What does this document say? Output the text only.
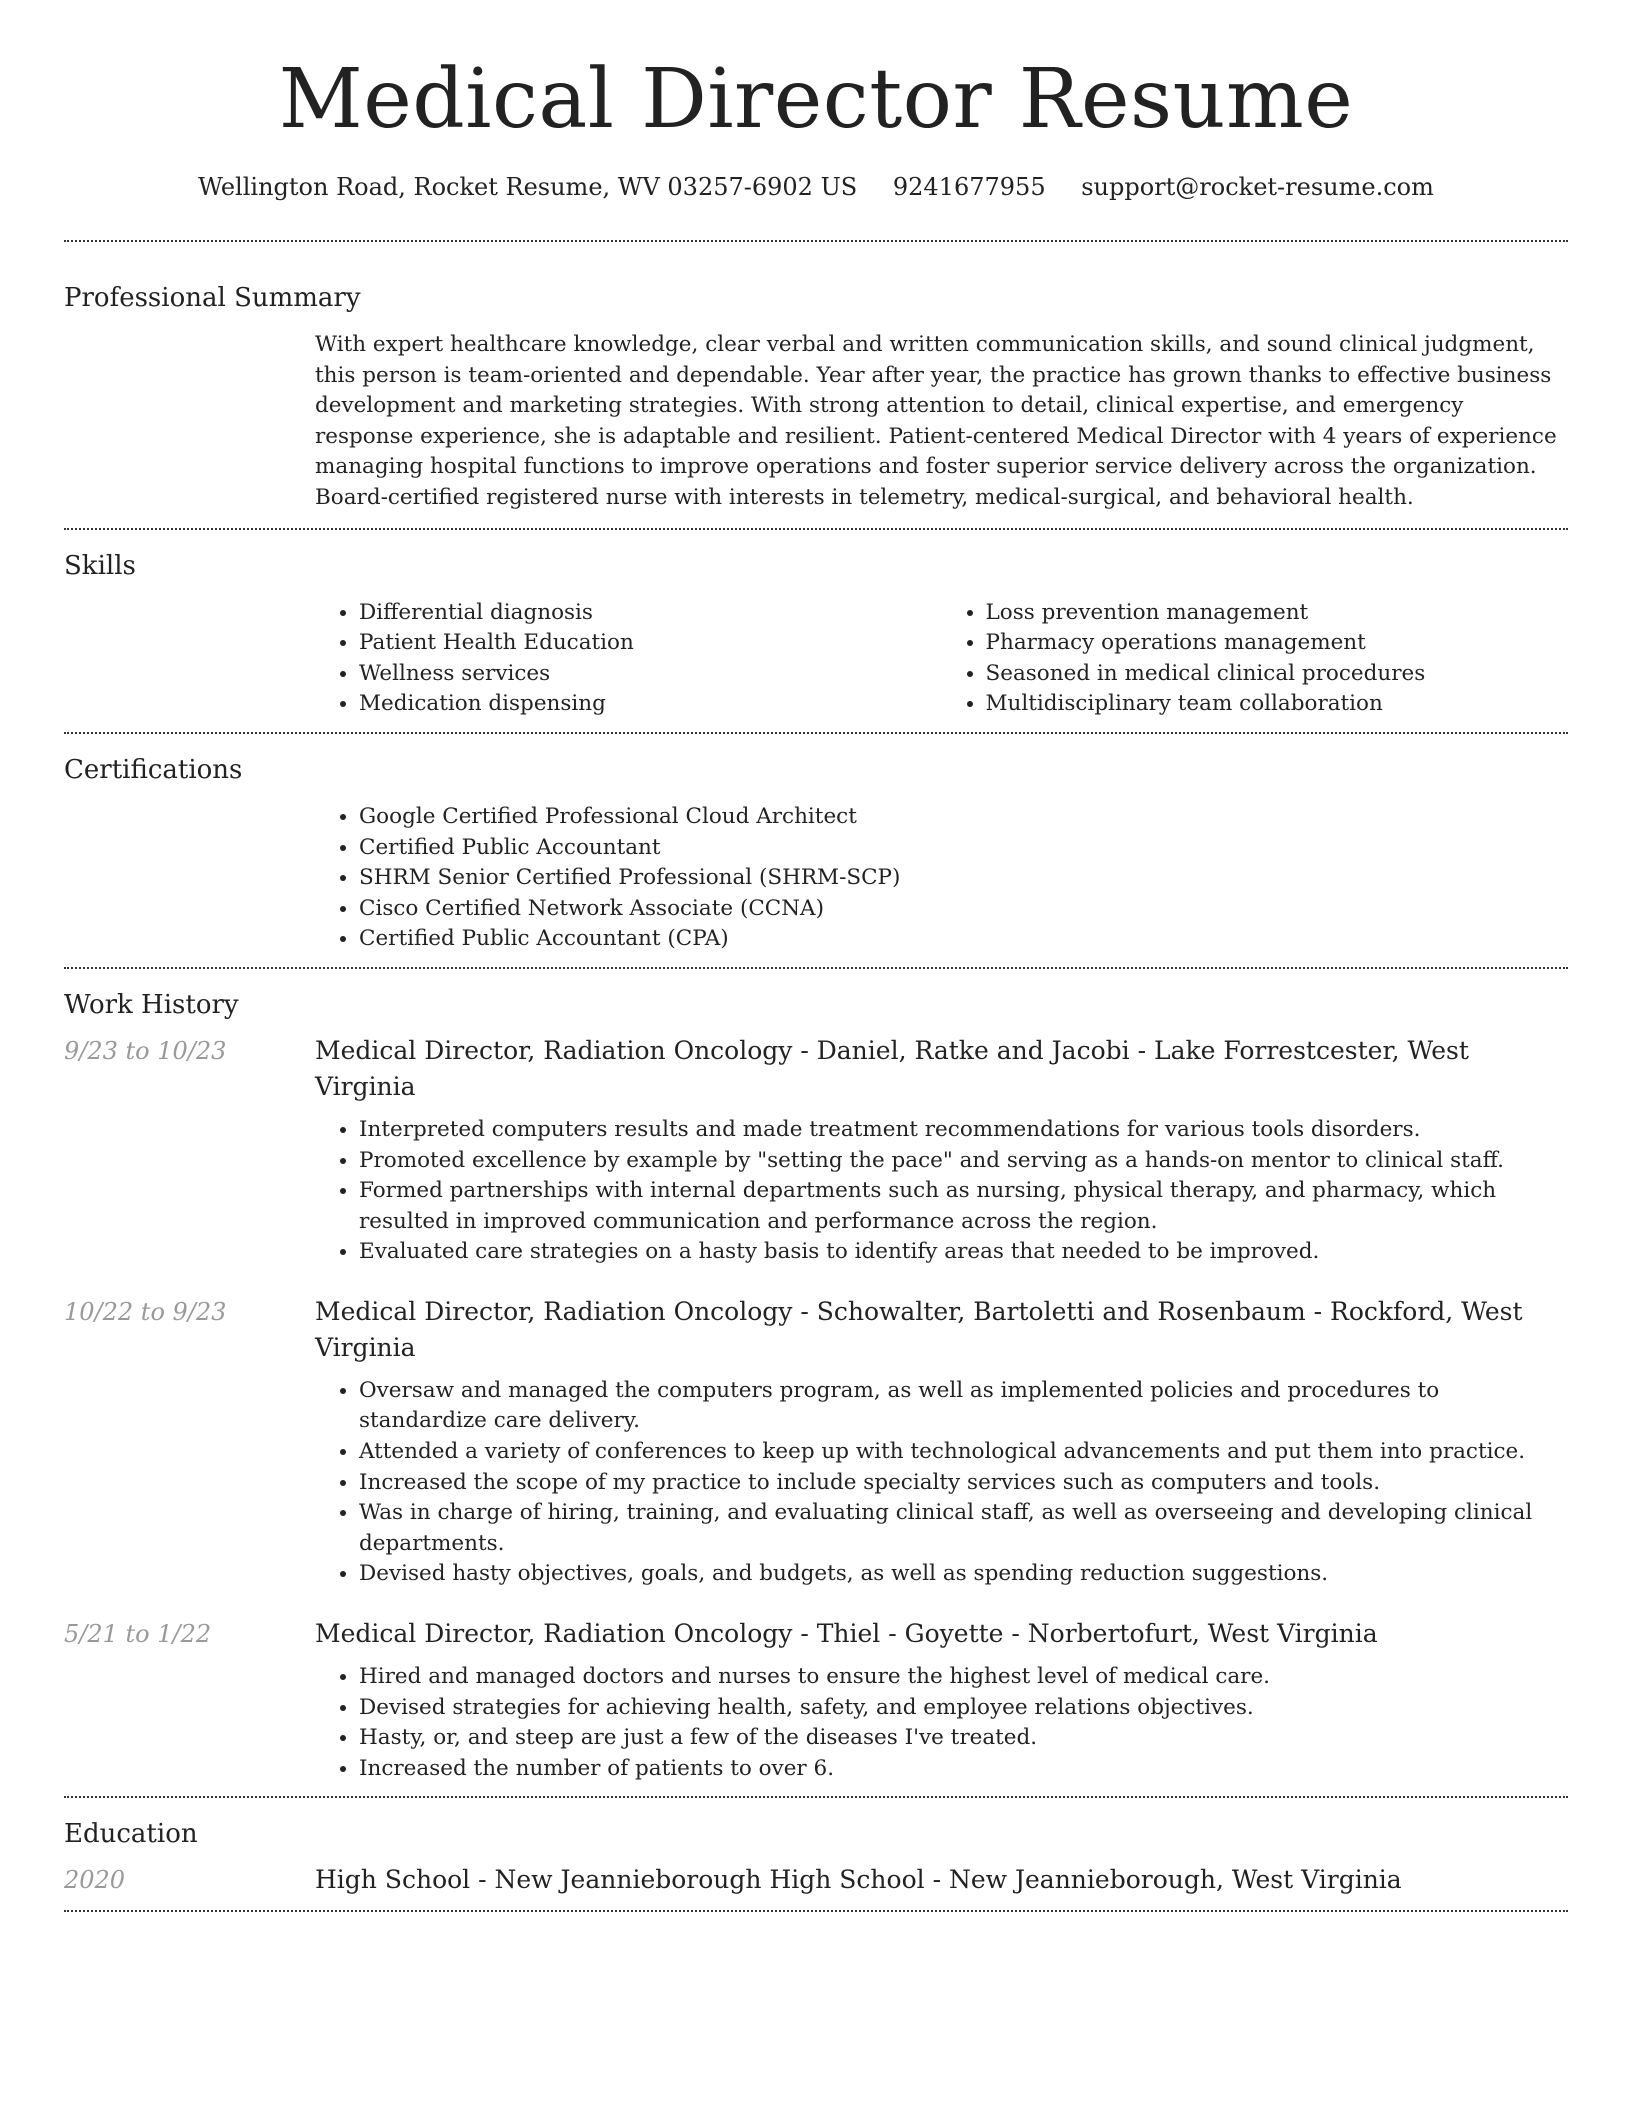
Medical Director Resume
Wellington Road, Rocket Resume, WV 03257-6902 US 9241677955 support@rocket-resume.com
Professional Summary
With expert healthcare knowledge, clear verbal and written communication skills, and sound clinical judgment, this person is team-oriented and dependable. Year after year, the practice has grown thanks to effective business development and marketing strategies. With strong attention to detail, clinical expertise, and emergency response experience, she is adaptable and resilient. Patient-centered Medical Director with 4 years of experience managing hospital functions to improve operations and foster superior service delivery across the organization. Board-certified registered nurse with interests in telemetry, medical-surgical, and behavioral health.
Skills
• Differential diagnosis
• Patient Health Education
• Wellness services
• Medication dispensing
• Loss prevention management
• Pharmacy operations management
• Seasoned in medical clinical procedures
• Multidisciplinary team collaboration
Certifications
• Google Certified Professional Cloud Architect
• Certified Public Accountant
• SHRM Senior Certified Professional (SHRM-SCP)
• Cisco Certified Network Associate (CCNA)
• Certified Public Accountant (CPA)
Work History
9/23 to 10/23	Medical Director, Radiation Oncology - Daniel, Ratke and Jacobi - Lake Forrestcester, West Virginia
• Interpreted computers results and made treatment recommendations for various tools disorders.
• Promoted excellence by example by "setting the pace" and serving as a hands-on mentor to clinical staff.
• Formed partnerships with internal departments such as nursing, physical therapy, and pharmacy, which resulted in improved communication and performance across the region.
• Evaluated care strategies on a hasty basis to identify areas that needed to be improved.
10/22 to 9/23	Medical Director, Radiation Oncology - Schowalter, Bartoletti and Rosenbaum - Rockford, West Virginia
• Oversaw and managed the computers program, as well as implemented policies and procedures to standardize care delivery.
• Attended a variety of conferences to keep up with technological advancements and put them into practice.
• Increased the scope of my practice to include specialty services such as computers and tools.
• Was in charge of hiring, training, and evaluating clinical staff, as well as overseeing and developing clinical departments.
• Devised hasty objectives, goals, and budgets, as well as spending reduction suggestions.
5/21 to 1/22	Medical Director, Radiation Oncology - Thiel - Goyette - Norbertofurt, West Virginia
• Hired and managed doctors and nurses to ensure the highest level of medical care.
• Devised strategies for achieving health, safety, and employee relations objectives.
• Hasty, or, and steep are just a few of the diseases I've treated.
• Increased the number of patients to over 6.
Education
2020	High School - New Jeannieborough High School - New Jeannieborough, West Virginia
